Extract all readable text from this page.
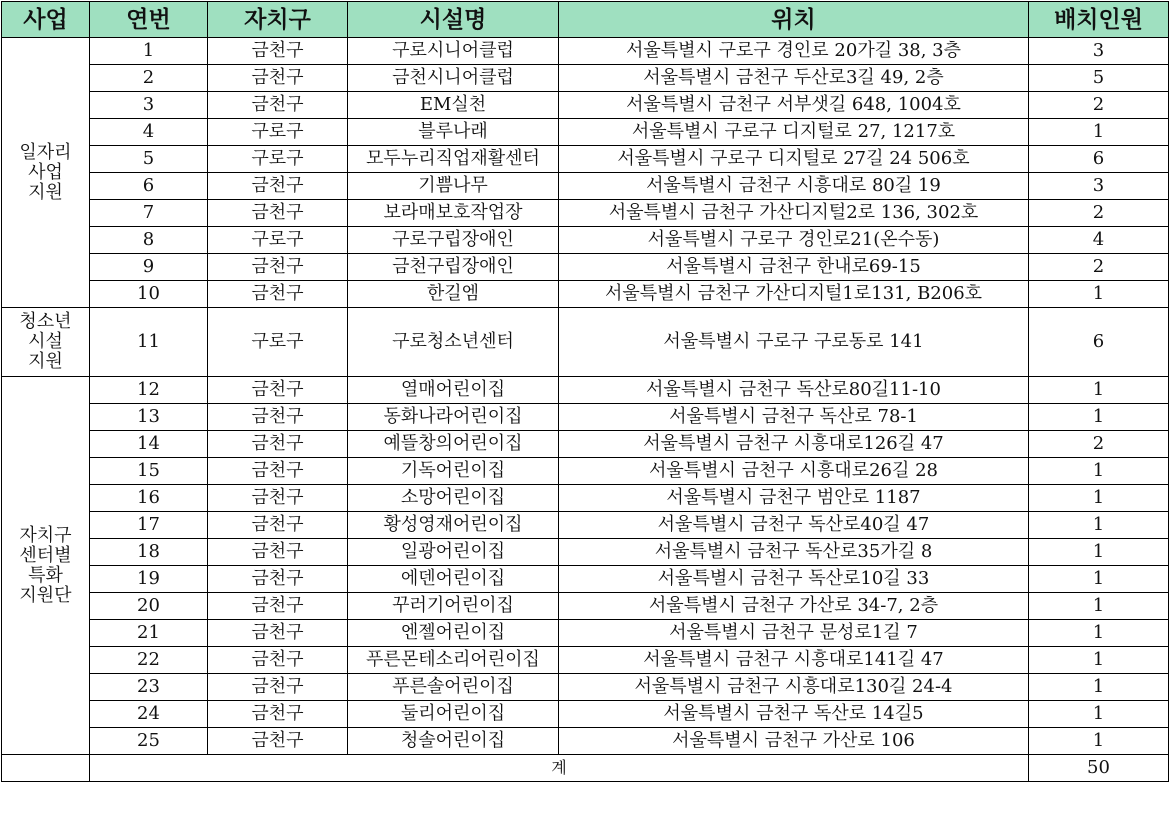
사업	연번	자치구	시설명	위치	배치인원

일자리
사업
지원	1	금천구	구로시니어클럽	서울특별시 구로구 경인로 20가길 38, 3층	3
	2	금천구	금천시니어클럽	서울특별시 금천구 두산로3길 49, 2층	5
	3	금천구	EM실천	서울특별시 금천구 서부샛길 648, 1004호	2
	4	구로구	블루나래	서울특별시 구로구 디지털로 27, 1217호	1
	5	구로구	모두누리직업재활센터	서울특별시 구로구 디지털로 27길 24 506호	6
	6	금천구	기쁨나무	서울특별시 금천구 시흥대로 80길 19	3
	7	금천구	보라매보호작업장	서울특별시 금천구 가산디지털2로 136, 302호	2
	8	구로구	구로구립장애인	서울특별시 구로구 경인로21(온수동)	4
	9	금천구	금천구립장애인	서울특별시 금천구 한내로69-15	2
	10	금천구	한길엠	서울특별시 금천구 가산디지털1로131, B206호	1

청소년
시설
지원	11	구로구	구로청소년센터	서울특별시 구로구 구로동로 141	6

자치구
센터별
특화
지원단	12	금천구	열매어린이집	서울특별시 금천구 독산로80길11-10	1
	13	금천구	동화나라어린이집	서울특별시 금천구 독산로 78-1	1
	14	금천구	예뜰창의어린이집	서울특별시 금천구 시흥대로126길 47	2
	15	금천구	기독어린이집	서울특별시 금천구 시흥대로26길 28	1
	16	금천구	소망어린이집	서울특별시 금천구 범안로 1187	1
	17	금천구	황성영재어린이집	서울특별시 금천구 독산로40길 47	1
	18	금천구	일광어린이집	서울특별시 금천구 독산로35가길 8	1
	19	금천구	에덴어린이집	서울특별시 금천구 독산로10길 33	1
	20	금천구	꾸러기어린이집	서울특별시 금천구 가산로 34-7, 2층	1
	21	금천구	엔젤어린이집	서울특별시 금천구 문성로1길 7	1
	22	금천구	푸른몬테소리어린이집	서울특별시 금천구 시흥대로141길 47	1
	23	금천구	푸른솔어린이집	서울특별시 금천구 시흥대로130길 24-4	1
	24	금천구	둘리어린이집	서울특별시 금천구 독산로 14길5	1
	25	금천구	청솔어린이집	서울특별시 금천구 가산로 106	1
	계				50
